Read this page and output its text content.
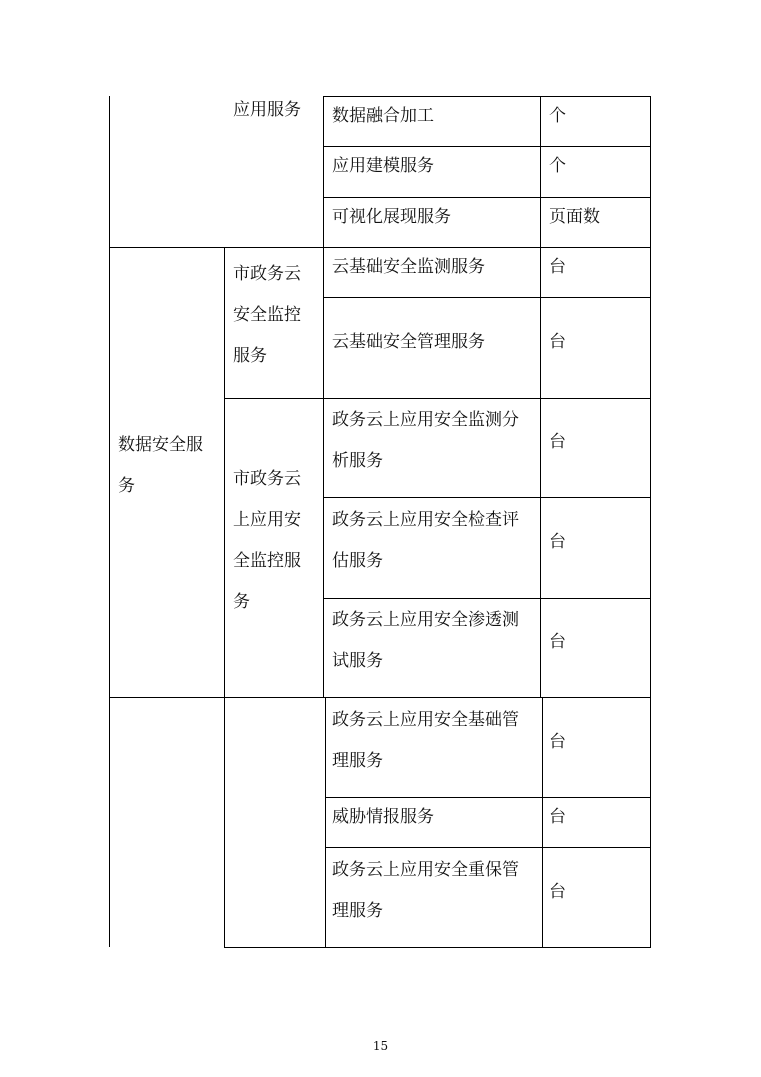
数据安全服务
应用服务
市政务云安全监控服务
市政务云上应用安全监控服务
数据融合加工
应用建模服务
可视化展现服务
云基础安全监测服务
云基础安全管理服务
政务云上应用安全监测分析服务
政务云上应用安全检查评估服务
政务云上应用安全渗透测试服务
政务云上应用安全基础管理服务
威胁情报服务
政务云上应用安全重保管理服务
个
个
页面数
台
台
台
台
台
台
台
台
15
